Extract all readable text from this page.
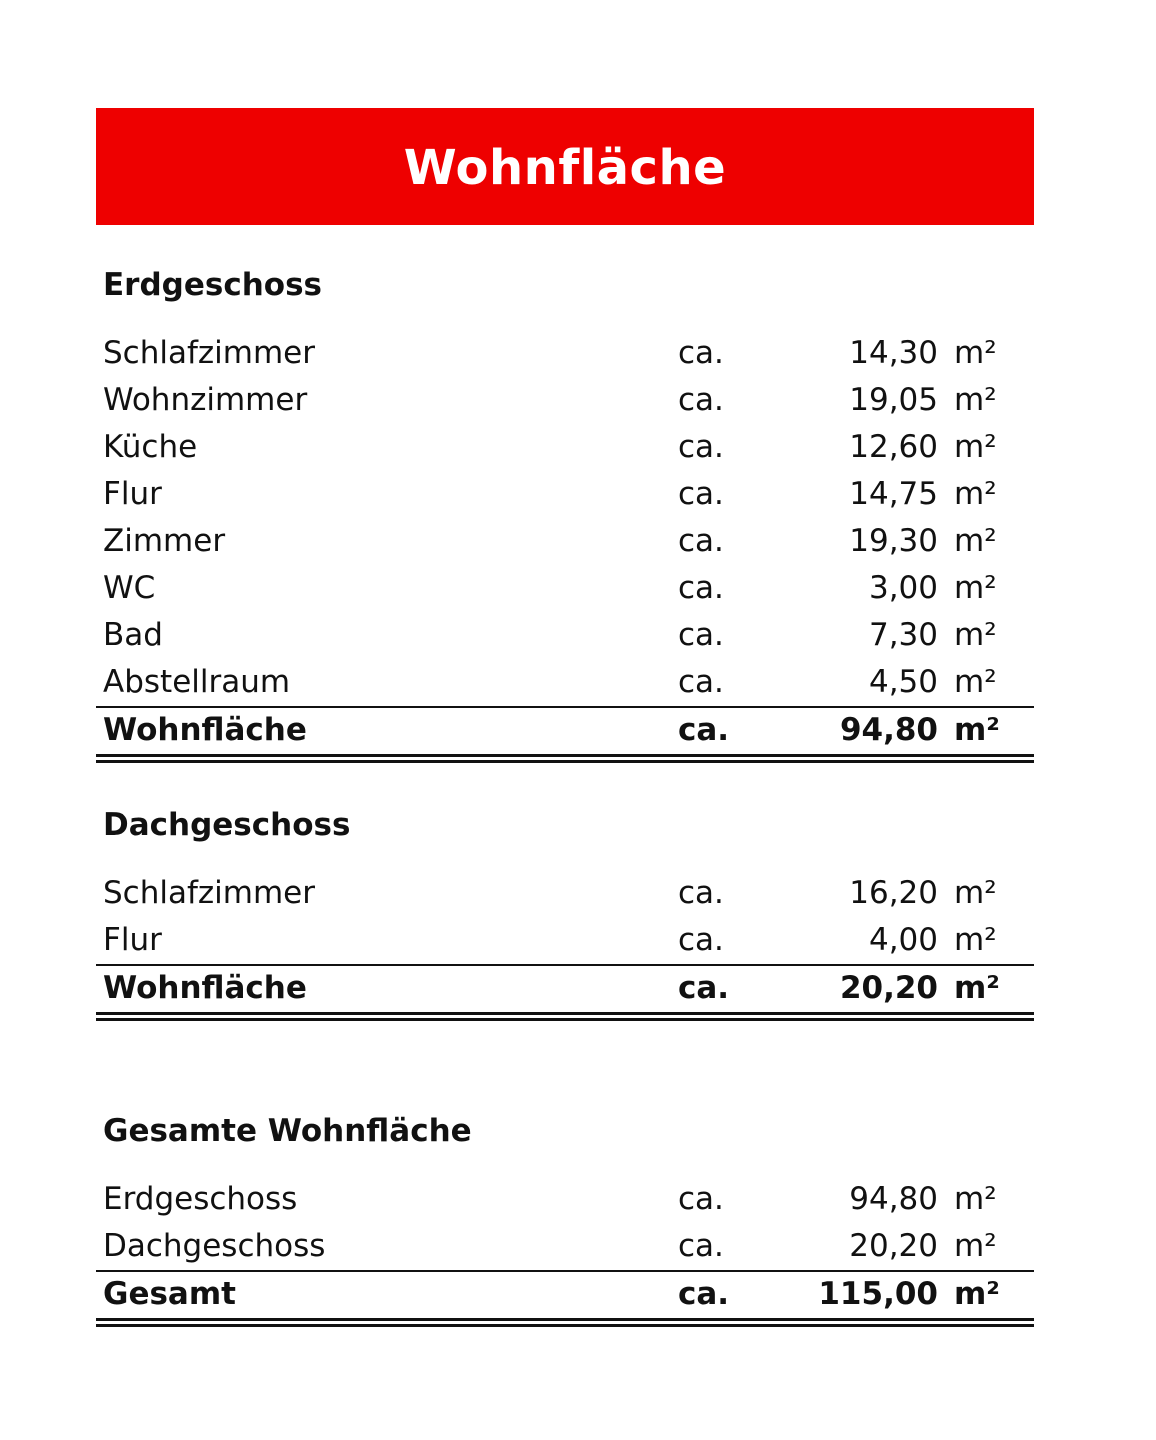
Wohnfläche
Erdgeschoss
Schlafzimmer	ca.	14,30 m²
Wohnzimmer	ca.	19,05 m²
Küche	ca.	12,60 m²
Flur	ca.	14,75 m²
Zimmer	ca.	19,30 m²
WC	ca.	3,00 m²
Bad	ca.	7,30 m²
Abstellraum	ca.	4,50 m²
Wohnfläche	ca.	94,80 m²
Dachgeschoss
Schlafzimmer	ca.	16,20 m²
Flur	ca.	4,00 m²
Wohnfläche	ca.	20,20 m²
Gesamte Wohnfläche
Erdgeschoss	ca.	94,80 m²
Dachgeschoss	ca.	20,20 m²
Gesamt	ca.	115,00 m²
